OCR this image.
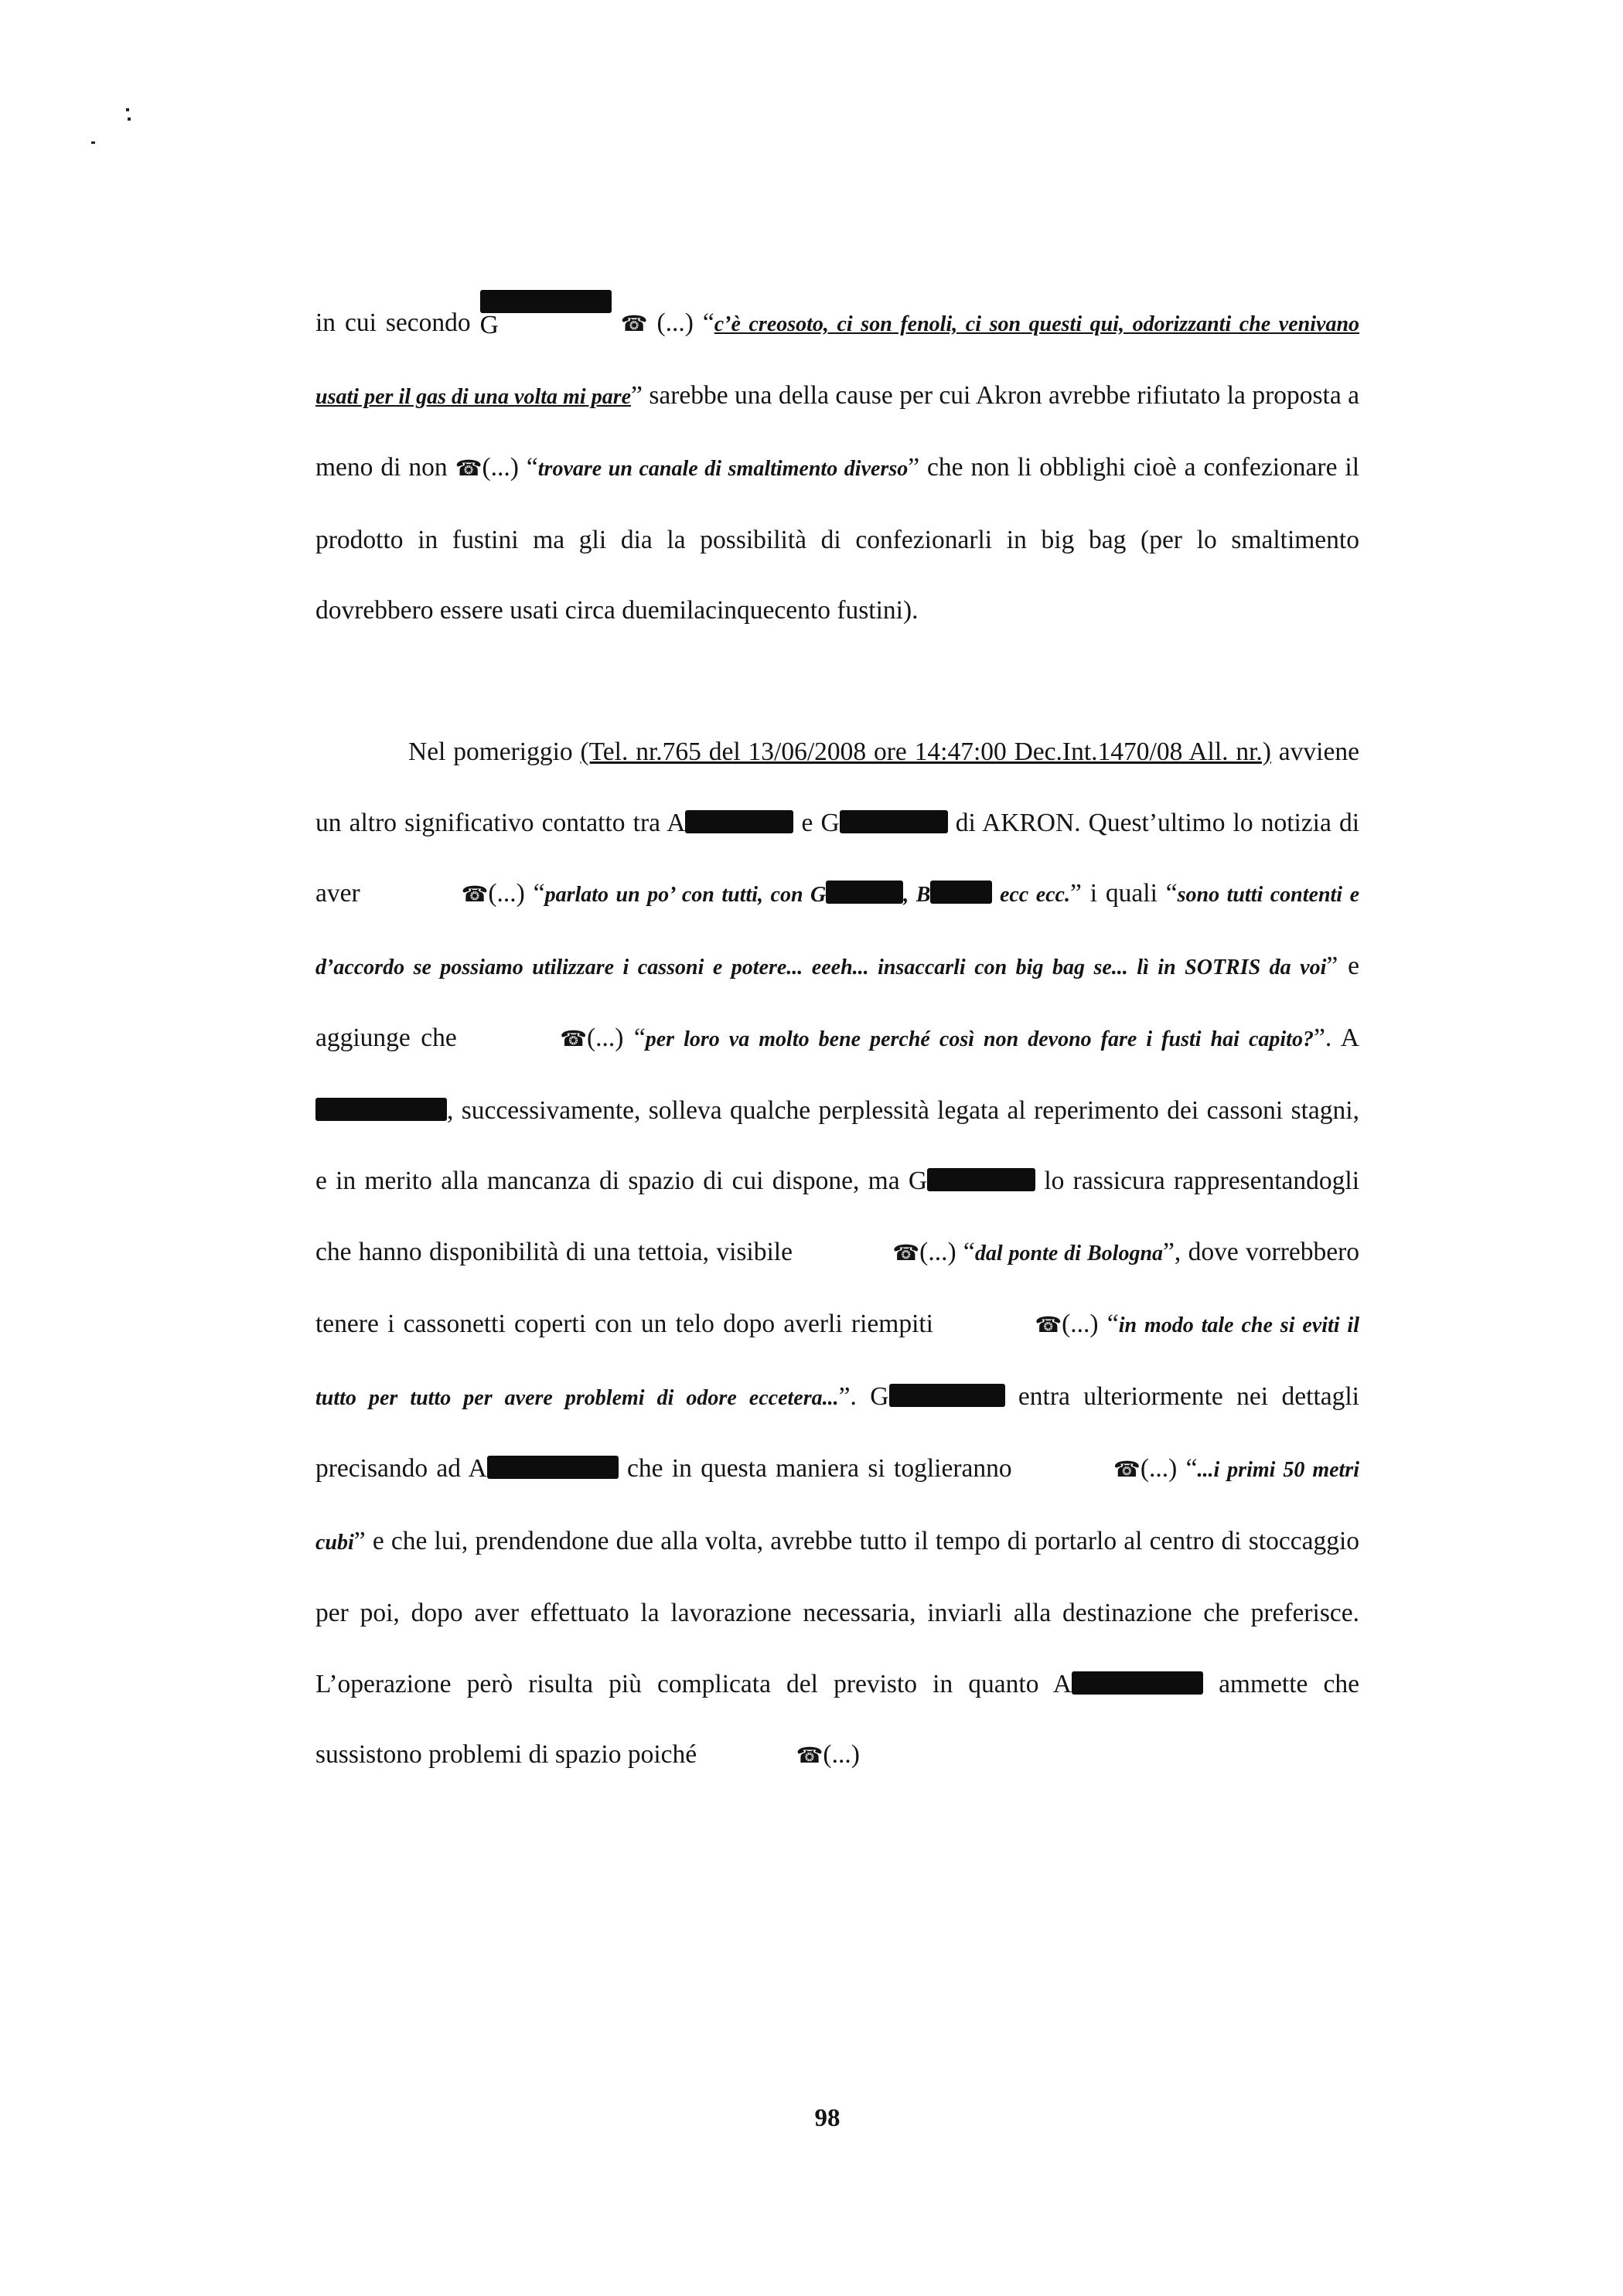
in cui secondo G	☎ (...) “c’è creosoto, ci son fenoli, ci son questi qui, odorizzanti che venivano usati per il gas di una volta mi pare” sarebbe una della cause per cui Akron avrebbe rifiutato la proposta a meno di non ☎(...) “trovare un canale di smaltimento diverso” che non li obblighi cioè a confezionare il prodotto in fustini ma gli dia la possibilità di confezionarli in big bag (per lo smaltimento dovrebbero essere usati circa duemilacinquecento fustini).

Nel pomeriggio (Tel. nr.765 del 13/06/2008 ore 14:47:00 Dec.Int.1470/08 All. nr.) avviene un altro significativo contatto tra A	e G	di AKRON. Quest’ultimo lo notizia di aver	☎(...) “parlato un po’ con tutti, con G	, B	ecc ecc.” i quali “sono tutti contenti e d’accordo se possiamo utilizzare i cassoni e potere... eeeh... insaccarli con big bag se... lì in SOTRIS da voi” e aggiunge che	☎(...) “per loro va molto bene perché così non devono fare i fusti hai capito?”. A, successivamente, solleva qualche perplessità legata al reperimento dei cassoni stagni, e in merito alla mancanza di spazio di cui dispone, ma G	lo rassicura rappresentandogli che hanno disponibilità di una tettoia, visibile	☎(...) “dal ponte di Bologna”, dove vorrebbero tenere i cassonetti coperti con un telo dopo averli riempiti	☎(...) “in modo tale che si eviti il tutto per tutto per avere problemi di odore eccetera...”. G	entra ulteriormente nei dettagli precisando ad A	che in questa maniera si toglieranno	☎(...) “...i primi 50 metri cubi” e che lui, prendendone due alla volta, avrebbe tutto il tempo di portarlo al centro di stoccaggio per poi, dopo aver effettuato la lavorazione necessaria, inviarli alla destinazione che preferisce. L’operazione però risulta più complicata del previsto in quanto A	ammette che sussistono problemi di spazio poiché	☎(...)

98
